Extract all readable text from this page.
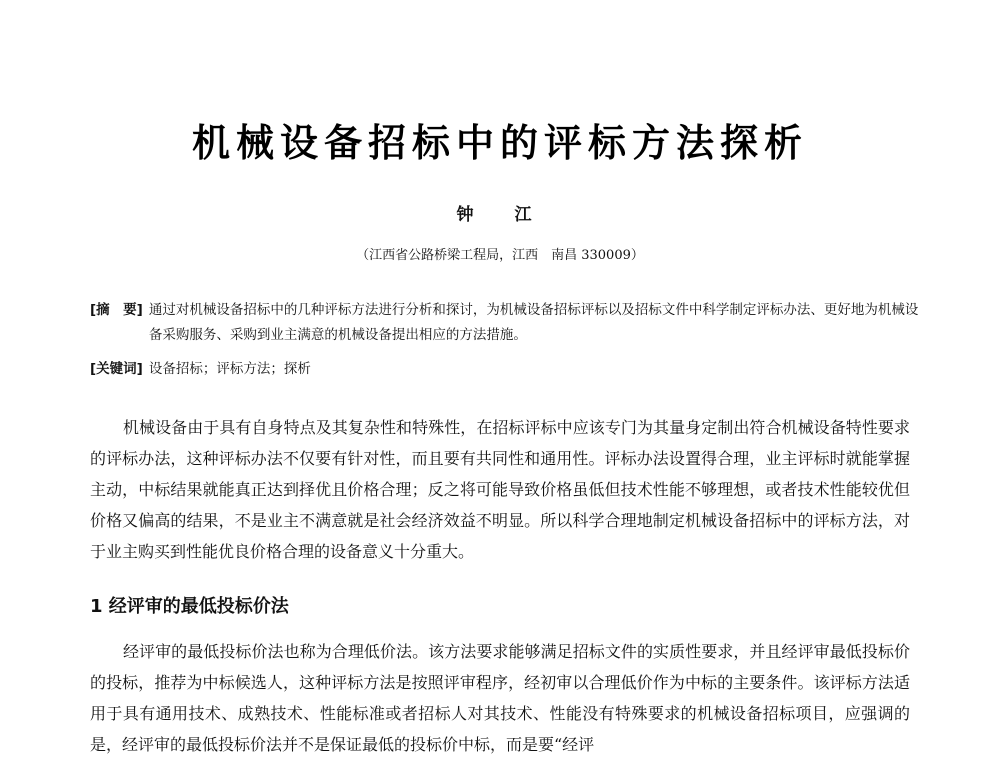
机械设备招标中的评标方法探析
钟　江
（江西省公路桥梁工程局，江西　南昌 330009）
[摘　要] 通过对机械设备招标中的几种评标方法进行分析和探讨，为机械设备招标评标以及招标文件中科学制定评标办法、更好地为机械设备采购服务、采购到业主满意的机械设备提出相应的方法措施。
[关键词] 设备招标；评标方法；探析

机械设备由于具有自身特点及其复杂性和特殊性，在招标评标中应该专门为其量身定制出符合机械设备特性要求的评标办法，这种评标办法不仅要有针对性，而且要有共同性和通用性。评标办法设置得合理，业主评标时就能掌握主动，中标结果就能真正达到择优且价格合理；反之将可能导致价格虽低但技术性能不够理想，或者技术性能较优但价格又偏高的结果，不是业主不满意就是社会经济效益不明显。所以科学合理地制定机械设备招标中的评标方法，对于业主购买到性能优良价格合理的设备意义十分重大。

1 经评审的最低投标价法

经评审的最低投标价法也称为合理低价法。该方法要求能够满足招标文件的实质性要求，并且经评审最低投标价的投标，推荐为中标候选人，这种评标方法是按照评审程序，经初审以合理低价作为中标的主要条件。该评标方法适用于具有通用技术、成熟技术、性能标准或者招标人对其技术、性能没有特殊要求的机械设备招标项目，应强调的是，经评审的最低投标价法并不是保证最低的投标价中标，而是要“经评
